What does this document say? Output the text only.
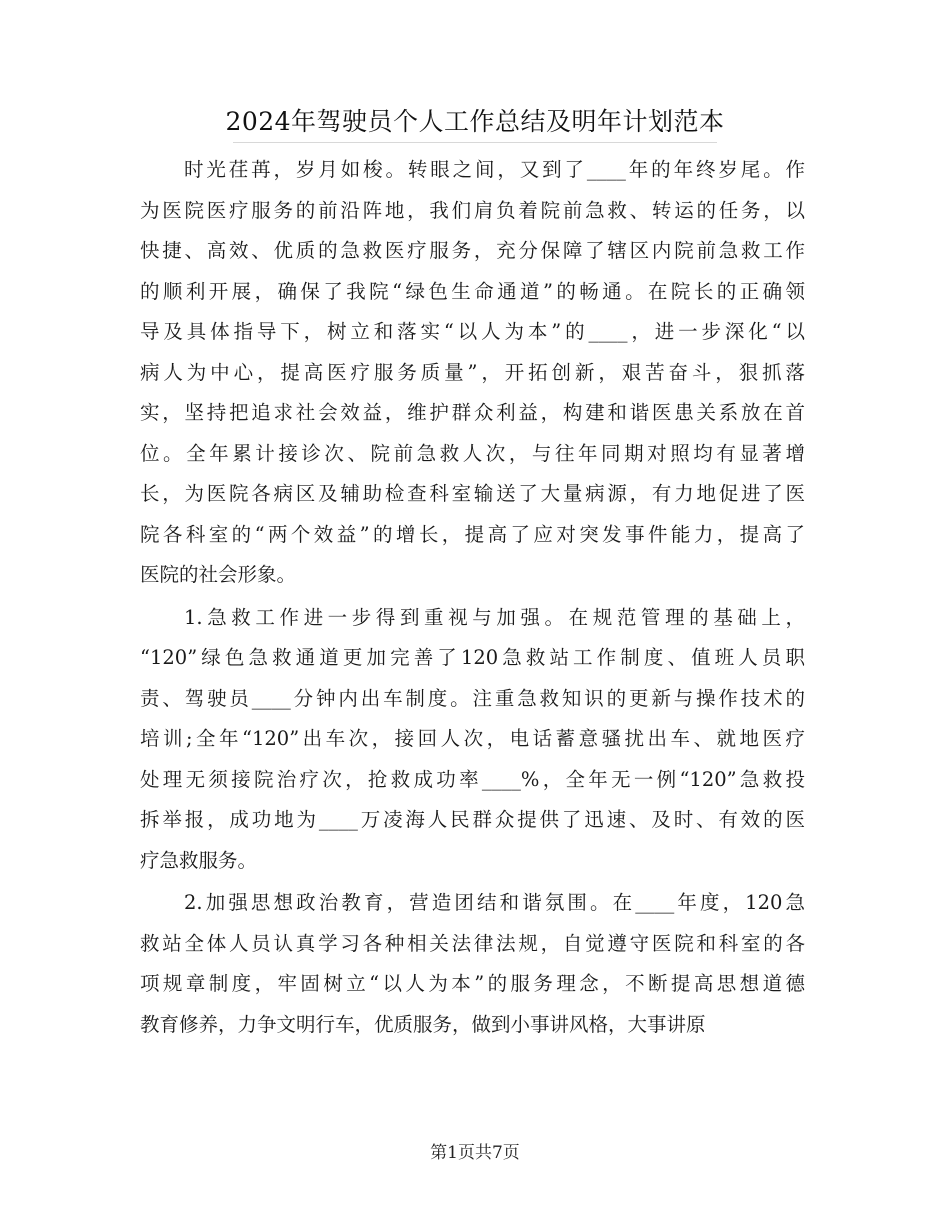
2024年驾驶员个人工作总结及明年计划范本
时光荏苒，岁月如梭。转眼之间，又到了____年的年终岁尾。作
为医院医疗服务的前沿阵地，我们肩负着院前急救、转运的任务，以
快捷、高效、优质的急救医疗服务，充分保障了辖区内院前急救工作
的顺利开展，确保了我院“绿色生命通道”的畅通。在院长的正确领
导及具体指导下，树立和落实“以人为本”的____，进一步深化“以
病人为中心，提高医疗服务质量”，开拓创新，艰苦奋斗，狠抓落
实，坚持把追求社会效益，维护群众利益，构建和谐医患关系放在首
位。全年累计接诊次、院前急救人次，与往年同期对照均有显著增
长，为医院各病区及辅助检查科室输送了大量病源，有力地促进了医
院各科室的“两个效益”的增长，提高了应对突发事件能力，提高了
医院的社会形象。
1.急救工作进一步得到重视与加强。在规范管理的基础上，
“120”绿色急救通道更加完善了120急救站工作制度、值班人员职
责、驾驶员____分钟内出车制度。注重急救知识的更新与操作技术的
培训;全年“120”出车次，接回人次，电话蓄意骚扰出车、就地医疗
处理无须接院治疗次，抢救成功率____%，全年无一例“120”急救投
拆举报，成功地为____万凌海人民群众提供了迅速、及时、有效的医
疗急救服务。
2.加强思想政治教育，营造团结和谐氛围。在____年度，120急
救站全体人员认真学习各种相关法律法规，自觉遵守医院和科室的各
项规章制度，牢固树立“以人为本”的服务理念，不断提高思想道德
教育修养，力争文明行车，优质服务，做到小事讲风格，大事讲原
第1页共7页
